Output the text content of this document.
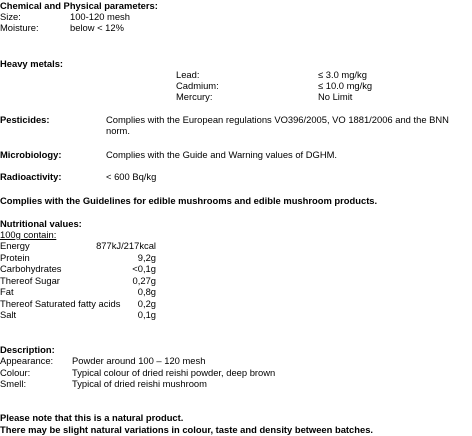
Chemical and Physical parameters:
Size:	100-120 mesh
Moisture:	below < 12%
Heavy metals:
Lead:	≤ 3.0 mg/kg
Cadmium:	≤ 10.0 mg/kg
Mercury:	No Limit
Pesticides:	Complies with the European regulations VO396/2005, VO 1881/2006 and the BNN
norm.
Microbiology:	Complies with the Guide and Warning values of DGHM.
Radioactivity:	< 600 Bq/kg
Complies with the Guidelines for edible mushrooms and edible mushroom products.
Nutritional values:
100g contain:
Energy	877kJ/217kcal
Protein	9,2g
Carbohydrates	<0,1g
Thereof Sugar	0,27g
Fat	0,8g
Thereof Saturated fatty acids 0,2g
Salt	0,1g
Description:
Appearance: Powder around 100 – 120 mesh
Colour:	Typical colour of dried reishi powder, deep brown
Smell:	Typical of dried reishi mushroom
Please note that this is a natural product.
There may be slight natural variations in colour, taste and density between batches.
